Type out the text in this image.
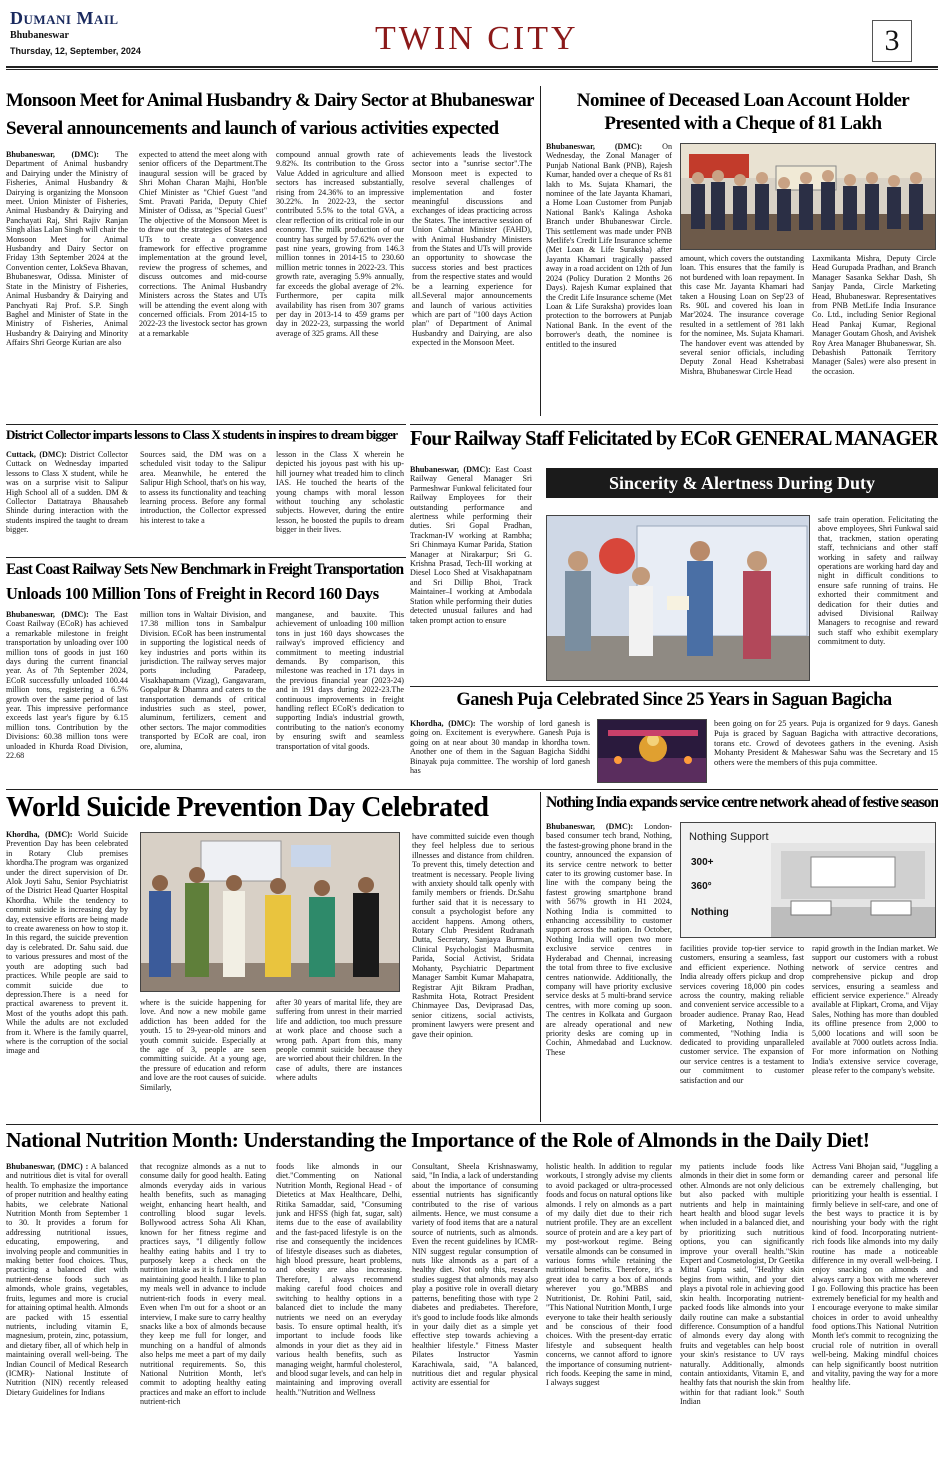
Dumani Mail
Bhubaneswar
Thursday, 12, September, 2024	TWIN CITY	3
Monsoon Meet for Animal Husbandry & Dairy Sector at Bhubaneswar
Several announcements and launch of various activities expected
Bhubaneswar, (DMC): The Department of Animal husbandry and Dairying under the Ministry of Fisheries, Animal Husbandry & Dairying is organizing the Monsoon meet. Union Minister of Fisheries, Animal Husbandry & Dairying and Panchayati Raj, Shri Rajiv Ranjan Singh alias Lalan Singh will chair the Monsoon Meet for Animal Husbandry and Dairy Sector on Friday 13th September 2024 at the Convention center, LokSeva Bhavan, Bhubaneswar, Odissa. Minister of State in the Ministry of Fisheries, Animal Husbandry & Dairying and Panchyati Raj Prof. S.P. Singh Baghel and Minister of State in the Ministry of Fisheries, Animal Husbandry & Dairying and Minority Affairs Shri George Kurian are also
expected to attend the meet along with senior officers of the Department.The inaugural session will be graced by Shri Mohan Charan Majhi, Hon'ble Chief Minister as "Chief Guest "and Smt. Pravati Parida, Deputy Chief Minister of Odissa, as "Special Guest" The objective of the Monsoon Meet is to draw out the strategies of States and UTs to create a convergence framework for effective programme implementation at the ground level, review the progress of schemes, and discuss outcomes and mid-course corrections. The Animal Husbandry Ministers across the States and UTs will be attending the event along with concerned officials. From 2014-15 to 2022-23 the livestock sector has grown at a remarkable
compound annual growth rate of 9.82%. Its contribution to the Gross Value Added in agriculture and allied sectors has increased substantially, rising from 24.36% to an impressive 30.22%. In 2022-23, the sector contributed 5.5% to the total GVA, a clear reflection of its critical role in our economy. The milk production of our country has surged by 57.62% over the past nine years, growing from 146.3 million tonnes in 2014-15 to 230.60 million metric tonnes in 2022-23. This growth rate, averaging 5.9% annually, far exceeds the global average of 2%. Furthermore, per capita milk availability has risen from 307 grams per day in 2013-14 to 459 grams per day in 2022-23, surpassing the world average of 325 grams. All these
achievements leads the livestock sector into a "sunrise sector".The Monsoon meet is expected to resolve several challenges of implementation and foster meaningful discussions and exchanges of ideas practicing across the States. The interactive session of Union Cabinat Minister (FAHD), with Animal Husbandry Ministers from the States and UTs will provide an opportunity to showcase the success stories and best practices from the respective states and would be a learning experience for all.Several major announcements and launch of various activities which are part of "100 days Action plan" of Department of Animal Husbandry and Dairying, are also expected in the Monsoon Meet.
Nominee of Deceased Loan Account Holder
Presented with a Cheque of 81 Lakh
Bhubaneswar, (DMC): On Wednesday, the Zonal Manager of Punjab National Bank (PNB), Rajesh Kumar, handed over a cheque of Rs 81 lakh to Ms. Sujata Khamari, the nominee of the late Jayanta Khamari, a Home Loan Customer from Punjab National Bank's Kalinga Ashoka Branch under Bhubaneswar Circle. This settlement was made under PNB Metlife's Credit Life Insurance scheme (Met Loan & Life Suraksha) after Jayanta Khamari tragically passed away in a road accident on 12th of Jun 2024 (Policy Duration 2 Months 26 Days). Rajesh Kumar explained that the Credit Life Insurance scheme (Met Loan & Life Suraksha) provides loan protection to the borrowers at Punjab National Bank. In the event of the borrower's death, the nominee is entitled to the insured
amount, which covers the outstanding loan. This ensures that the family is not burdened with loan repayment. In this case Mr. Jayanta Khamari had taken a Housing Loan on Sep'23 of Rs. 90L and covered his loan in Mar'2024. The insurance coverage resulted in a settlement of ?81 lakh for the nominee, Ms. Sujata Khamari. The handover event was attended by several senior officials, including Deputy Zonal Head Kshetrabasi Mishra, Bhubaneswar Circle Head
Laxmikanta Mishra, Deputy Circle Head Gurupada Pradhan, and Branch Manager Sasanka Sekhar Dash, Sh Sanjay Panda, Circle Marketing Head, Bhubaneswar. Representatives from PNB MetLife India Insurance Co. Ltd., including Senior Regional Head Pankaj Kumar, Regional Manager Goutam Ghosh, and Avishek Roy Area Manager Bhubaneswar, Sh. Debashish Pattonaik Territory Manager (Sales) were also present in the occasion.
District Collector imparts lessons to Class X students in inspires to dream bigger
Cuttack, (DMC): District Collector Cuttack on Wednesday imparted lessons to Class X student, while he was on a surprise visit to Salipur High School all of a sudden. DM & Collector Dattatraya Bhausaheb Shinde during interaction with the students inspired the taught to dream bigger.
Sources said, the DM was on a scheduled visit today to the Salipur area. Meanwhile, he entered the Salipur High School, that's on his way, to assess its functionality and teaching learning process. Before any formal introduction, the Collector expressed his interest to take a
lesson in the Class X wherein he depicted his joyous past with his up-hill journey what treaded him to clinch IAS. He touched the hearts of the young champs with moral lesson without touching any scholastic subjects. However, during the entire lesson, he boosted the pupils to dream bigger in their lives.
Four Railway Staff Felicitated by ECoR GENERAL MANAGER
Bhubaneswar, (DMC): East Coast Railway General Manager Sri Parmeshwar Funkwal felicitated four Railway Employees for their outstanding performance and alertness while performing their duties. Sri Gopal Pradhan, Trackman-IV working at Rambha; Sri Chinmaya Kumar Parida, Station Manager at Nirakarpur; Sri G. Krishna Prasad, Tech-III working at Diesel Loco Shed at Visakhapatnam and Sri Dillip Bhoi, Track Maintainer–I working at Ambodala Station while performing their duties detected unusual failures and had taken prompt action to ensure
Sincerity & Alertness During Duty
safe train operation. Felicitating the above employees, Shri Funkwal said that, trackmen, station operating staff, technicians and other staff working in safety and railway operations are working hard day and night in difficult conditions to ensure safe running of trains. He exhorted their commitment and dedication for their duties and advised Divisional Railway Managers to recognise and reward such staff who exhibit exemplary commitment to duty.
East Coast Railway Sets New Benchmark in Freight Transportation
Unloads 100 Million Tons of Freight in Record 160 Days
Bhubaneswar, (DMC): The East Coast Railway (ECoR) has achieved a remarkable milestone in freight transportation by unloading over 100 million tons of goods in just 160 days during the current financial year. As of 7th September 2024, ECoR successfully unloaded 100.44 million tons, registering a 6.5% growth over the same period of last year. This impressive performance exceeds last year's figure by 6.15 million tons. Contribution by the Divisions: 60.38 million tons were unloaded in Khurda Road Division, 22.68
million tons in Waltair Division, and 17.38 million tons in Sambalpur Division. ECoR has been instrumental in supporting the logistical needs of key industries and ports within its jurisdiction. The railway serves major ports including Paradeep, Visakhapatnam (Vizag), Gangavaram, Gopalpur & Dhamra and caters to the transportation demands of critical industries such as steel, power, aluminum, fertilizers, cement and other sectors. The major commodities transported by ECoR are coal, iron ore, alumina,
manganese, and bauxite. This achievement of unloading 100 million tons in just 160 days showcases the railway's improved efficiency and commitment to meeting industrial demands. By comparison, this milestone was reached in 171 days in the previous financial year (2023-24) and in 191 days during 2022-23.The continuous improvements in freight handling reflect ECoR's dedication to supporting India's industrial growth, contributing to the nation's economy by ensuring swift and seamless transportation of vital goods.
Ganesh Puja Celebrated Since 25 Years in Saguan Bagicha
Khordha, (DMC): The worship of lord ganesh is going on. Excitement is everywhere. Ganesh Puja is going on at near about 30 mandap in khordha town. Another one of them in the Saguan Bagicha Siddhi Binayak puja committee. The worship of lord ganesh has
been going on for 25 years. Puja is organized for 9 days. Ganesh Puja is graced by Saguan Bagicha with attractive decorations, torans etc. Crowd of devotees gathers in the evening. Asish Mohanty President & Maheswar Sahu was the Secretary and 15 others were the members of this puja committee.
World Suicide Prevention Day Celebrated
Khordha, (DMC): World Suicide Prevention Day has been celebrated in Rotary Club premises khordha.The program was organized under the direct supervision of Dr. Alok Joyti Sahu, Senior Psychiatrist of the District Head Quarter Hospital Khordha. While the tendency to commit suicide is increasing day by day, extensive efforts are being made to create awareness on how to stop it. In this regard, the suicide prevention day is celebrated. Dr. Sahu said. due to various pressures and most of the youth are adopting such bad practices. While people are said to commit suicide due to depression.There is a need for practical awareness to prevent it. Most of the youths adopt this path. While the adults are not excluded from it. Where is the family quarrel, where is the corruption of the social image and
where is the suicide happening for love. And now a new mobile game addiction has been added for the youth. 15 to 29-year-old minors and youth commit suicide. Especially at the age of 3, people are seen committing suicide. At a young age, the pressure of education and reform and love are the root causes of suicide. Similarly,
after 30 years of marital life, they are suffering from unrest in their married life and addiction, too much pressure at work place and choose such a wrong path. Apart from this, many people commit suicide because they are worried about their children. In the case of adults, there are instances where adults
have committed suicide even though they feel helpless due to serious illnesses and distance from children. To prevent this, timely detection and treatment is necessary. People living with anxiety should talk openly with family members or friends. Dr.Sahu further said that it is necessary to consult a psychologist before any accident happens. Among others, Rotary Club President Rudranath Dutta, Secretary, Sanjaya Burman, Clinical Psychologist Madhusmita Parida, Social Activist, Sridata Mohanty, Psychiatric Department Manager Sambit Kumar Mahapatra, Registrar Ajit Bikram Pradhan, Rashmita Hota, Rotract President Chinmayee Das, Deviprasad Das, senior citizens, social activists, prominent lawyers were present and gave their opinion.
Nothing India expands service centre network ahead of festive season
Bhubaneswar, (DMC): London-based consumer tech brand, Nothing, the fastest-growing phone brand in the country, announced the expansion of its service centre network to better cater to its growing customer base. In line with the company being the fastest growing smartphone brand with 567% growth in H1 2024, Nothing India is committed to enhancing accessibility to customer support across the nation. In October, Nothing India will open two more exclusive service centres in Hyderabad and Chennai, increasing the total from three to five exclusive centres nationwide. Additionally, the company will have priority exclusive service desks at 5 multi-brand service centres, with more coming up soon. The centres in Kolkata and Gurgaon are already operational and new priority desks are coming up in Cochin, Ahmedabad and Lucknow. These
Nothing Support
300+
360°
Nothing
facilities provide top-tier service to customers, ensuring a seamless, fast and efficient experience. Nothing India already offers pickup and drop services covering 18,000 pin codes across the country, making reliable and convenient service accessible to a broader audience. Pranay Rao, Head of Marketing, Nothing India, commented, "Nothing India is dedicated to providing unparalleled customer service. The expansion of our service centres is a testament to our commitment to customer satisfaction and our
rapid growth in the Indian market. We support our customers with a robust network of service centres and comprehensive pickup and drop services, ensuring a seamless and efficient service experience." Already available at Flipkart, Croma, and Vijay Sales, Nothing has more than doubled its offline presence from 2,000 to 5,000 locations and will soon be available at 7000 outlets across India. For more information on Nothing India's extensive service coverage, please refer to the company's website.
National Nutrition Month: Understanding the Importance of the Role of Almonds in the Daily Diet!
Bhubaneswar, (DMC) : A balanced and nutritious diet is vital for overall health. To emphasize the importance of proper nutrition and healthy eating habits, we celebrate National Nutrition Month from September 1 to 30. It provides a forum for addressing nutritional issues, educating, empowering, and involving people and communities in making better food choices. Thus, practicing a balanced diet with nutrient-dense foods such as almonds, whole grains, vegetables, fruits, legumes and more is crucial for attaining optimal health. Almonds are packed with 15 essential nutrients, including vitamin E, magnesium, protein, zinc, potassium, and dietary fiber, all of which help in maintaining overall well-being. The Indian Council of Medical Research (ICMR)- National Institute of Nutrition (NIN) recently released Dietary Guidelines for Indians
that recognize almonds as a nut to consume daily for good health. Eating almonds everyday aids in various health benefits, such as managing weight, enhancing heart health, and controlling blood sugar levels. Bollywood actress Soha Ali Khan, known for her fitness regime and practices says, "I diligently follow healthy eating habits and I try to purposely keep a check on the nutrition intake as it is fundamental to maintaining good health. I like to plan my meals well in advance to include nutrient-rich foods in every meal. Even when I'm out for a shoot or an interview, I make sure to carry healthy snacks like a box of almonds because they keep me full for longer, and munching on a handful of almonds also helps me meet a part of my daily nutritional requirements. So, this National Nutrition Month, let's commit to adopting healthy eating practices and make an effort to include nutrient-rich
foods like almonds in our diet."Commenting on National Nutrition Month, Regional Head - of Dietetics at Max Healthcare, Delhi, Ritika Samaddar, said, "Consuming junk and HFSS (high fat, sugar, salt) items due to the ease of availability and the fast-paced lifestyle is on the rise and consequently the incidences of lifestyle diseases such as diabetes, high blood pressure, heart problems, and obesity are also increasing. Therefore, I always recommend making careful food choices and switching to healthy options in a balanced diet to include the many nutrients we need on an everyday basis. To ensure optimal health, it's important to include foods like almonds in your diet as they aid in various health benefits, such as managing weight, harmful cholesterol, and blood sugar levels, and can help in maintaining and improving overall health."Nutrition and Wellness
Consultant, Sheela Krishnaswamy, said, "In India, a lack of understanding about the importance of consuming essential nutrients has significantly contributed to the rise of various ailments. Hence, we must consume a variety of food items that are a natural source of nutrients, such as almonds. Even the recent guidelines by ICMR-NIN suggest regular consumption of nuts like almonds as a part of a healthy diet. Not only this, research studies suggest that almonds may also play a positive role in overall dietary patterns, benefiting those with type 2 diabetes and prediabetes. Therefore, it's good to include foods like almonds in your daily diet as a simple yet effective step towards achieving a healthier lifestyle." Fitness Master Pilates Instructor Yasmin Karachiwala, said, "A balanced, nutritious diet and regular physical activity are essential for
holistic health. In addition to regular workouts, I strongly advise my clients to avoid packaged or ultra-processed foods and focus on natural options like almonds. I rely on almonds as a part of my daily diet due to their rich nutrient profile. They are an excellent source of protein and are a key part of my post-workout regime. Being versatile almonds can be consumed in various forms while retaining the nutritional benefits. Therefore, it's a great idea to carry a box of almonds wherever you go."MBBS and Nutritionist, Dr. Rohini Patil, said, "This National Nutrition Month, I urge everyone to take their health seriously and be conscious of their food choices. With the present-day erratic lifestyle and subsequent health concerns, we cannot afford to ignore the importance of consuming nutrient-rich foods. Keeping the same in mind, I always suggest
my patients include foods like almonds in their diet in some form or other. Almonds are not only delicious but also packed with multiple nutrients and help in maintaining heart health and blood sugar levels when included in a balanced diet, and by prioritizing such nutritious options, you can significantly improve your overall health."Skin Expert and Cosmetologist, Dr Geetika Mittal Gupta said, "Healthy skin begins from within, and your diet plays a pivotal role in achieving good skin health. Incorporating nutrient-packed foods like almonds into your daily routine can make a substantial difference. Consumption of a handful of almonds every day along with fruits and vegetables can help boost your skin's resistance to UV rays naturally. Additionally, almonds contain antioxidants, Vitamin E, and healthy fats that nourish the skin from within for that radiant look." South Indian
Actress Vani Bhojan said, "Juggling a demanding career and personal life can be extremely challenging, but prioritizing your health is essential. I firmly believe in self-care, and one of the best ways to practice it is by nourishing your body with the right kind of food. Incorporating nutrient-rich foods like almonds into my daily routine has made a noticeable difference in my overall well-being. I enjoy snacking on almonds and always carry a box with me wherever I go. Following this practice has been extremely beneficial for my health and I encourage everyone to make similar choices in order to avoid unhealthy food options.This National Nutrition Month let's commit to recognizing the crucial role of nutrition in overall well-being. Making mindful choices can help significantly boost nutrition and vitality, paving the way for a more healthy life.
